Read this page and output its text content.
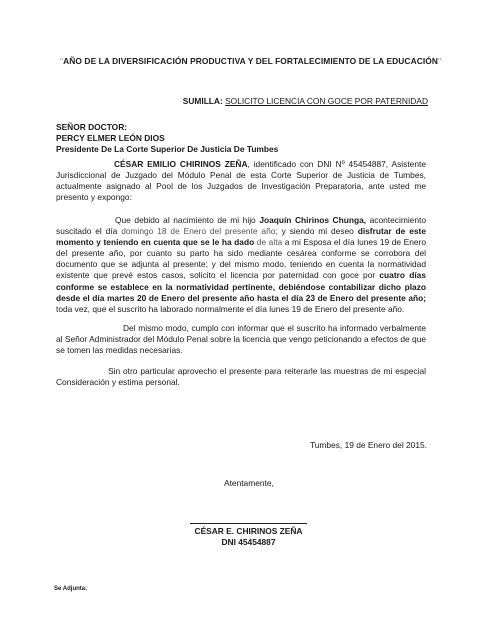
"AÑO DE LA DIVERSIFICACIÓN PRODUCTIVA Y DEL FORTALECIMIENTO DE LA EDUCACIÓN"
SUMILLA: SOLICITO LICENCIA CON GOCE POR PATERNIDAD
SEÑOR DOCTOR:
PERCY ELMER LEÓN DIOS
Presidente De La Corte Superior De Justicia De Tumbes
CÉSAR EMILIO CHIRINOS ZEÑA, identificado con DNI Nº 45454887, Asistente Jurisdiccional de Juzgado del Módulo Penal de esta Corte Superior de Justicia de Tumbes, actualmente asignado al Pool de los Juzgados de Investigación Preparatoria, ante usted me presento y expongo:
Que debido al nacimiento de mi hijo Joaquín Chirinos Chunga, acontecimiento suscitado el día domingo 18 de Enero del presente año; y siendo mi deseo disfrutar de este momento y teniendo en cuenta que se le ha dado de alta a mi Esposa el día lunes 19 de Enero del presente año, por cuanto su parto ha sido mediante cesárea conforme se corrobora del documento que se adjunta al presente; y del mismo modo, teniendo en cuenta la normatividad existente que prevé estos casos, solicito el licencia por paternidad con goce por cuatro días conforme se establece en la normatividad pertinente, debiéndose contabilizar dicho plazo desde el día martes 20 de Enero del presente año hasta el día 23 de Enero del presente año; toda vez, que el suscrito ha laborado normalmente el día lunes 19 de Enero del presente año.
Del mismo modo, cumplo con informar que el suscrito ha informado verbalmente al Señor Administrador del Módulo Penal sobre la licencia que vengo peticionando a efectos de que se tomen las medidas necesarias.
Sin otro particular aprovecho el presente para reiterarle las muestras de mi especial Consideración y estima personal.
Tumbes, 19 de Enero del 2015.
Atentamente,
CÉSAR E. CHIRINOS ZEÑA
DNI 45454887
Se Adjunta:
